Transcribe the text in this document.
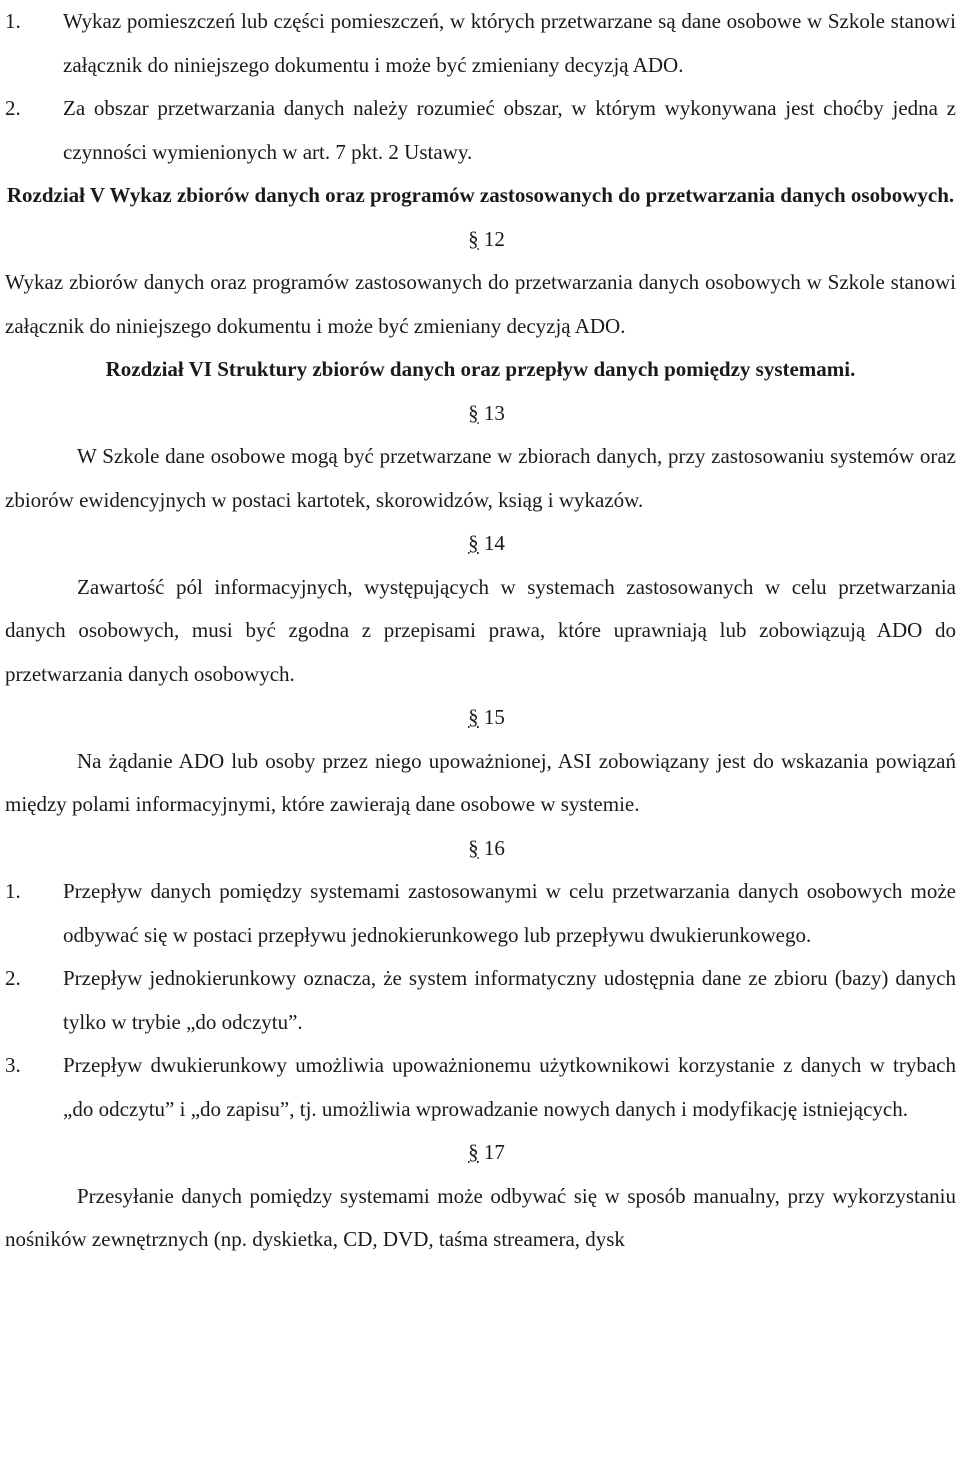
1.	Wykaz pomieszczeń lub części pomieszczeń, w których przetwarzane są dane osobowe w Szkole stanowi załącznik do niniejszego dokumentu i może być zmieniany decyzją ADO.
2.	Za obszar przetwarzania danych należy rozumieć obszar, w którym wykonywana jest choćby jedna z czynności wymienionych w art. 7 pkt. 2 Ustawy.

Rozdział V Wykaz zbiorów danych oraz programów zastosowanych do przetwarzania danych osobowych.

§ 12

Wykaz zbiorów danych oraz programów zastosowanych do przetwarzania danych osobowych w Szkole stanowi załącznik do niniejszego dokumentu i może być zmieniany decyzją ADO.

Rozdział VI Struktury zbiorów danych oraz przepływ danych pomiędzy systemami.

§ 13

W Szkole dane osobowe mogą być przetwarzane w zbiorach danych, przy zastosowaniu systemów oraz zbiorów ewidencyjnych w postaci kartotek, skorowidzów, ksiąg i wykazów.

§ 14

Zawartość pól informacyjnych, występujących w systemach zastosowanych w celu przetwarzania danych osobowych, musi być zgodna z przepisami prawa, które uprawniają lub zobowiązują ADO do przetwarzania danych osobowych.

§ 15

Na żądanie ADO lub osoby przez niego upoważnionej, ASI zobowiązany jest do wskazania powiązań między polami informacyjnymi, które zawierają dane osobowe w systemie.

§ 16

1.	Przepływ danych pomiędzy systemami zastosowanymi w celu przetwarzania danych osobowych może odbywać się w postaci przepływu jednokierunkowego lub przepływu dwukierunkowego.
2.	Przepływ jednokierunkowy oznacza, że system informatyczny udostępnia dane ze zbioru (bazy) danych tylko w trybie „do odczytu”.
3.	Przepływ dwukierunkowy umożliwia upoważnionemu użytkownikowi korzystanie z danych w trybach „do odczytu” i „do zapisu”, tj. umożliwia wprowadzanie nowych danych i modyfikację istniejących.

§ 17

Przesyłanie danych pomiędzy systemami może odbywać się w sposób manualny, przy wykorzystaniu nośników zewnętrznych (np. dyskietka, CD, DVD, taśma streamera, dysk
